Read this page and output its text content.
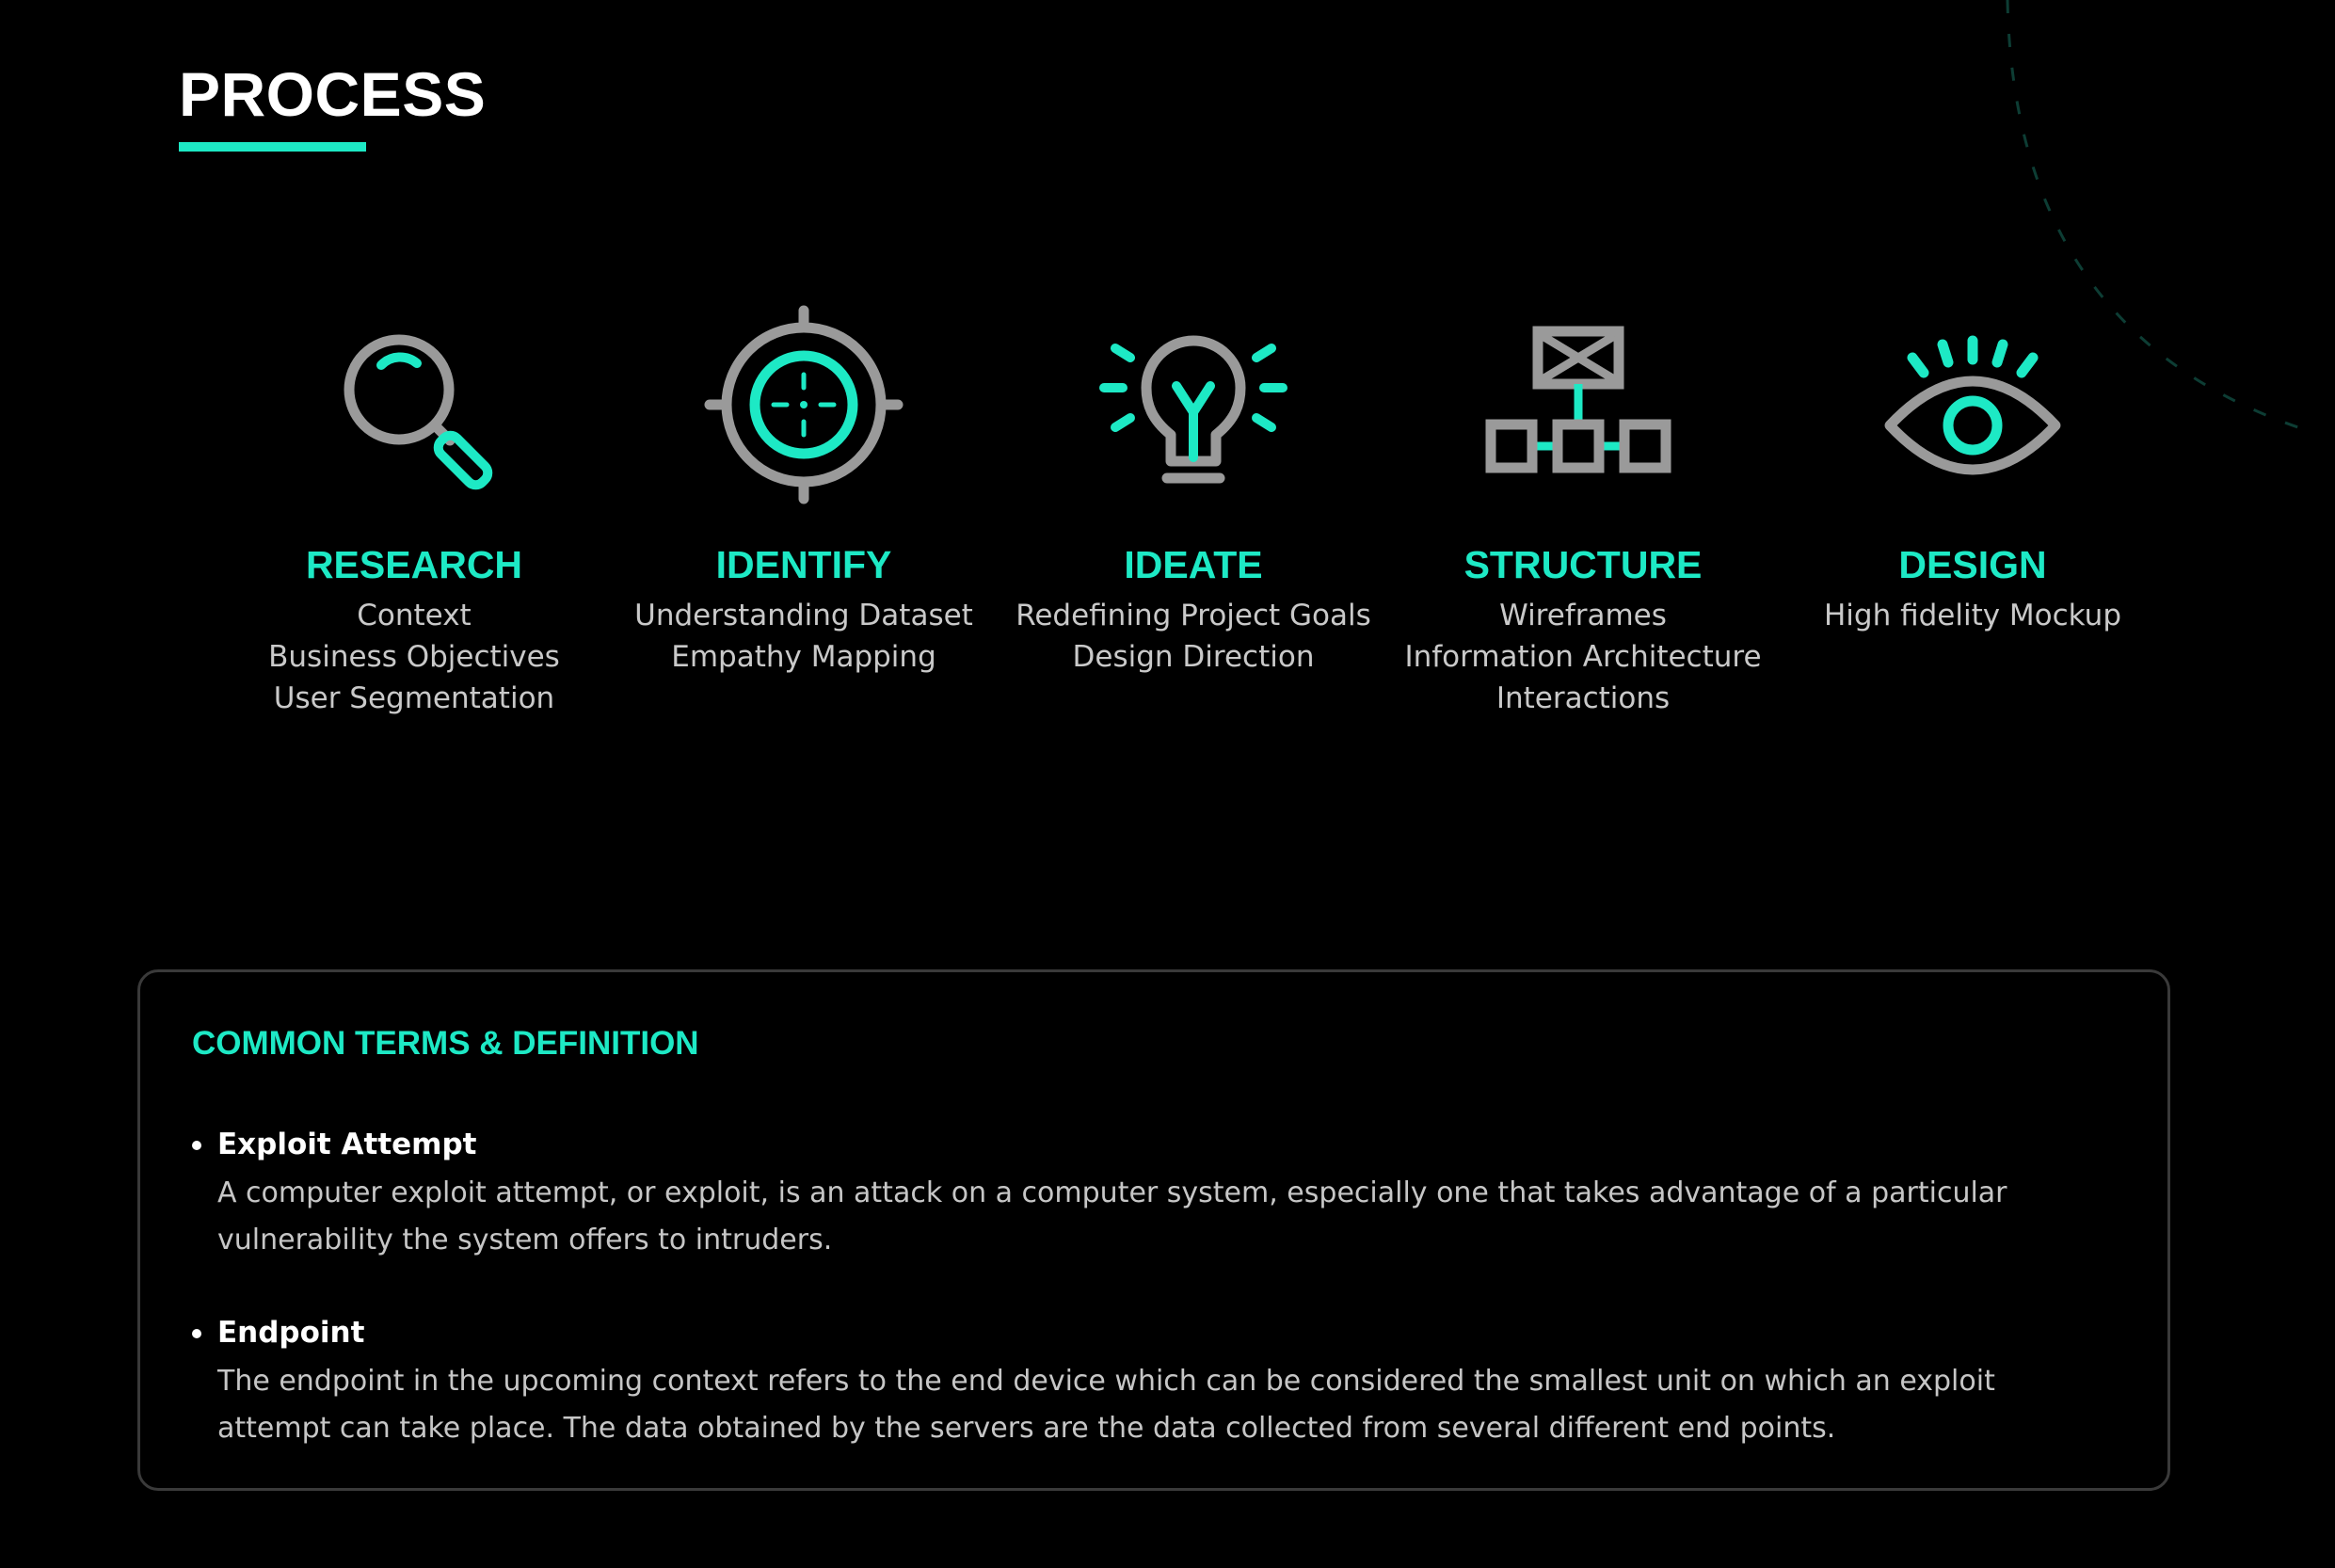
PROCESS
RESEARCH
Context
Business Objectives
User Segmentation
IDENTIFY
Understanding Dataset
Empathy Mapping
IDEATE
Redefining Project Goals
Design Direction
STRUCTURE
Wireframes
Information Architecture
Interactions
DESIGN
High fidelity Mockup
COMMON TERMS & DEFINITION
Exploit Attempt
A computer exploit attempt, or exploit, is an attack on a computer system, especially one that takes advantage of a particular vulnerability the system offers to intruders.
Endpoint
The endpoint in the upcoming context refers to the end device which can be considered the smallest unit on which an exploit attempt can take place. The data obtained by the servers are the data collected from several different end points.
